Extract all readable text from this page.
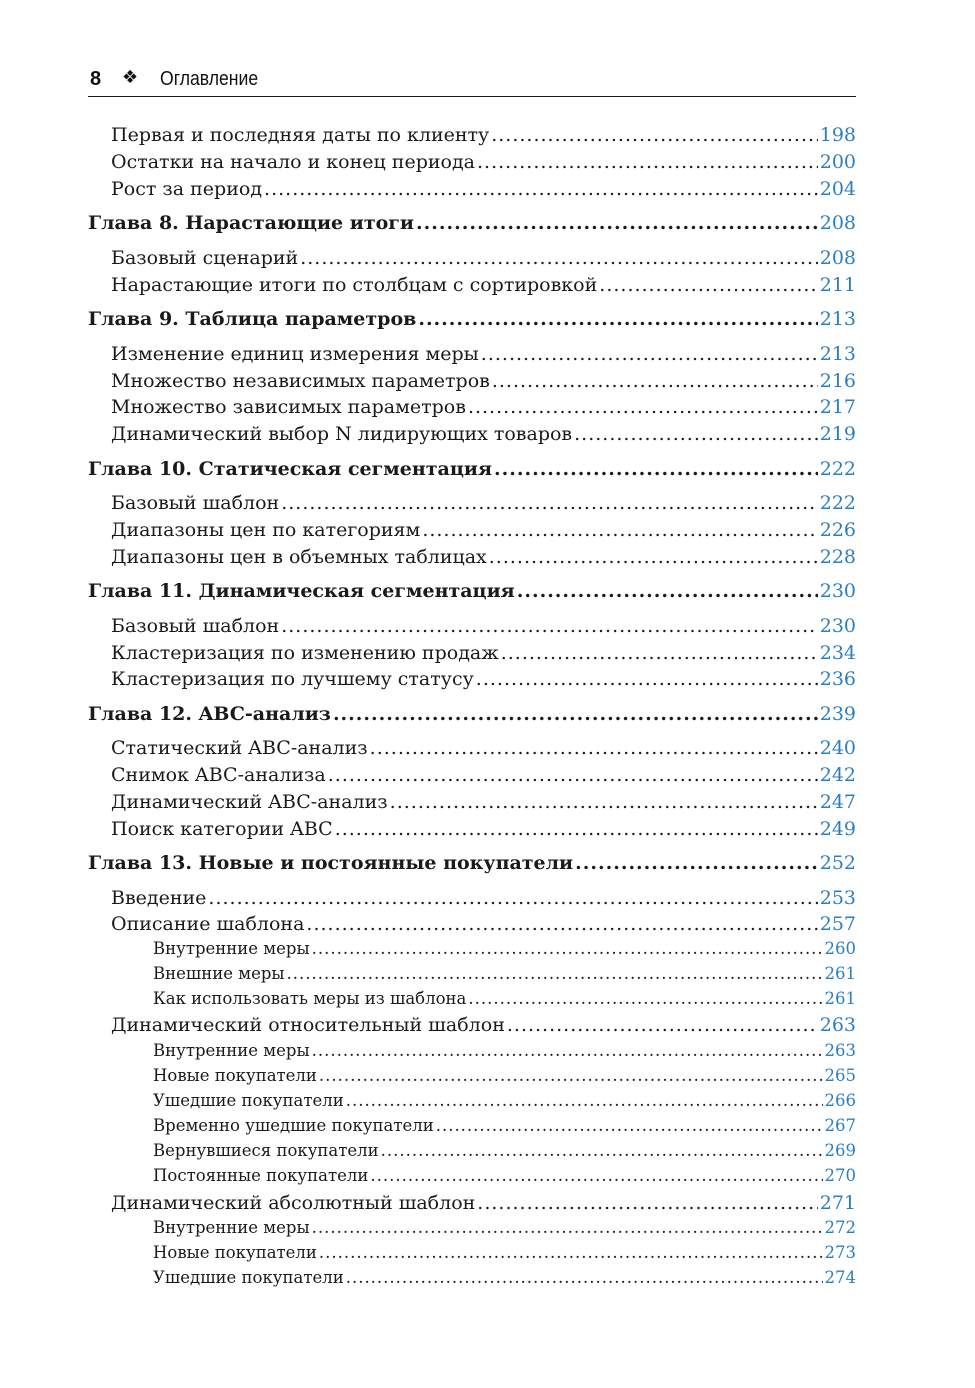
8 ❖ Оглавление
Первая и последняя даты по клиенту .....	198
Остатки на начало и конец периода .....	200
Рост за период .....	204
Глава 8. Нарастающие итоги .....	208
Базовый сценарий .....	208
Нарастающие итоги по столбцам с сортировкой .....	211
Глава 9. Таблица параметров .....	213
Изменение единиц измерения меры .....	213
Множество независимых параметров .....	216
Множество зависимых параметров .....	217
Динамический выбор N лидирующих товаров .....	219
Глава 10. Статическая сегментация .....	222
Базовый шаблон .....	222
Диапазоны цен по категориям .....	226
Диапазоны цен в объемных таблицах .....	228
Глава 11. Динамическая сегментация .....	230
Базовый шаблон .....	230
Кластеризация по изменению продаж .....	234
Кластеризация по лучшему статусу .....	236
Глава 12. ABC-анализ .....	239
Статический ABC-анализ .....	240
Снимок ABC-анализа .....	242
Динамический ABC-анализ .....	247
Поиск категории ABC .....	249
Глава 13. Новые и постоянные покупатели .....	252
Введение .....	253
Описание шаблона .....	257
Внутренние меры .....	260
Внешние меры .....	261
Как использовать меры из шаблона .....	261
Динамический относительный шаблон .....	263
Внутренние меры .....	263
Новые покупатели .....	265
Ушедшие покупатели .....	266
Временно ушедшие покупатели .....	267
Вернувшиеся покупатели .....	269
Постоянные покупатели .....	270
Динамический абсолютный шаблон .....	271
Внутренние меры .....	272
Новые покупатели .....	273
Ушедшие покупатели .....	274
